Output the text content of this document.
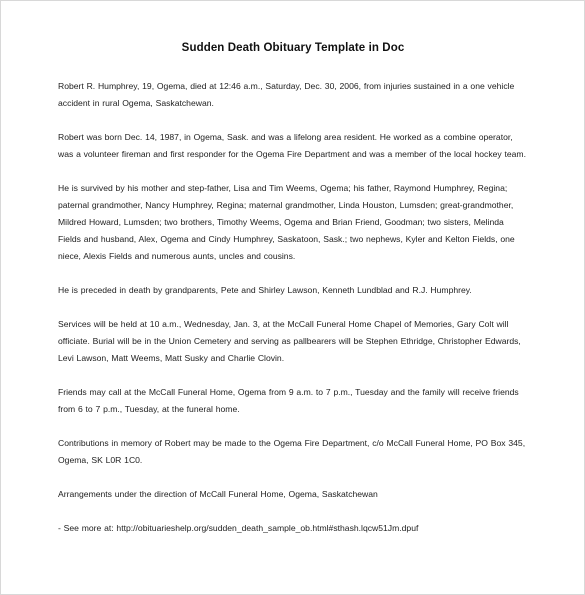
Sudden Death Obituary Template in Doc

Robert R. Humphrey, 19, Ogema, died at 12:46 a.m., Saturday, Dec. 30, 2006, from injuries sustained in a one vehicle accident in rural Ogema, Saskatchewan.

Robert was born Dec. 14, 1987, in Ogema, Sask. and was a lifelong area resident. He worked as a combine operator, was a volunteer fireman and first responder for the Ogema Fire Department and was a member of the local hockey team.

He is survived by his mother and step-father, Lisa and Tim Weems, Ogema; his father, Raymond Humphrey, Regina; paternal grandmother, Nancy Humphrey, Regina; maternal grandmother, Linda Houston, Lumsden; great-grandmother, Mildred Howard, Lumsden; two brothers, Timothy Weems, Ogema and Brian Friend, Goodman; two sisters, Melinda Fields and husband, Alex, Ogema and Cindy Humphrey, Saskatoon, Sask.; two nephews, Kyler and Kelton Fields, one niece, Alexis Fields and numerous aunts, uncles and cousins.

He is preceded in death by grandparents, Pete and Shirley Lawson, Kenneth Lundblad and R.J. Humphrey.

Services will be held at 10 a.m., Wednesday, Jan. 3, at the McCall Funeral Home Chapel of Memories, Gary Colt will officiate. Burial will be in the Union Cemetery and serving as pallbearers will be Stephen Ethridge, Christopher Edwards, Levi Lawson, Matt Weems, Matt Susky and Charlie Clovin.

Friends may call at the McCall Funeral Home, Ogema from 9 a.m. to 7 p.m., Tuesday and the family will receive friends from 6 to 7 p.m., Tuesday, at the funeral home.

Contributions in memory of Robert may be made to the Ogema Fire Department, c/o McCall Funeral Home, PO Box 345, Ogema, SK L0R 1C0.

Arrangements under the direction of McCall Funeral Home, Ogema, Saskatchewan

- See more at: http://obituarieshelp.org/sudden_death_sample_ob.html#sthash.lqcw51Jm.dpuf
